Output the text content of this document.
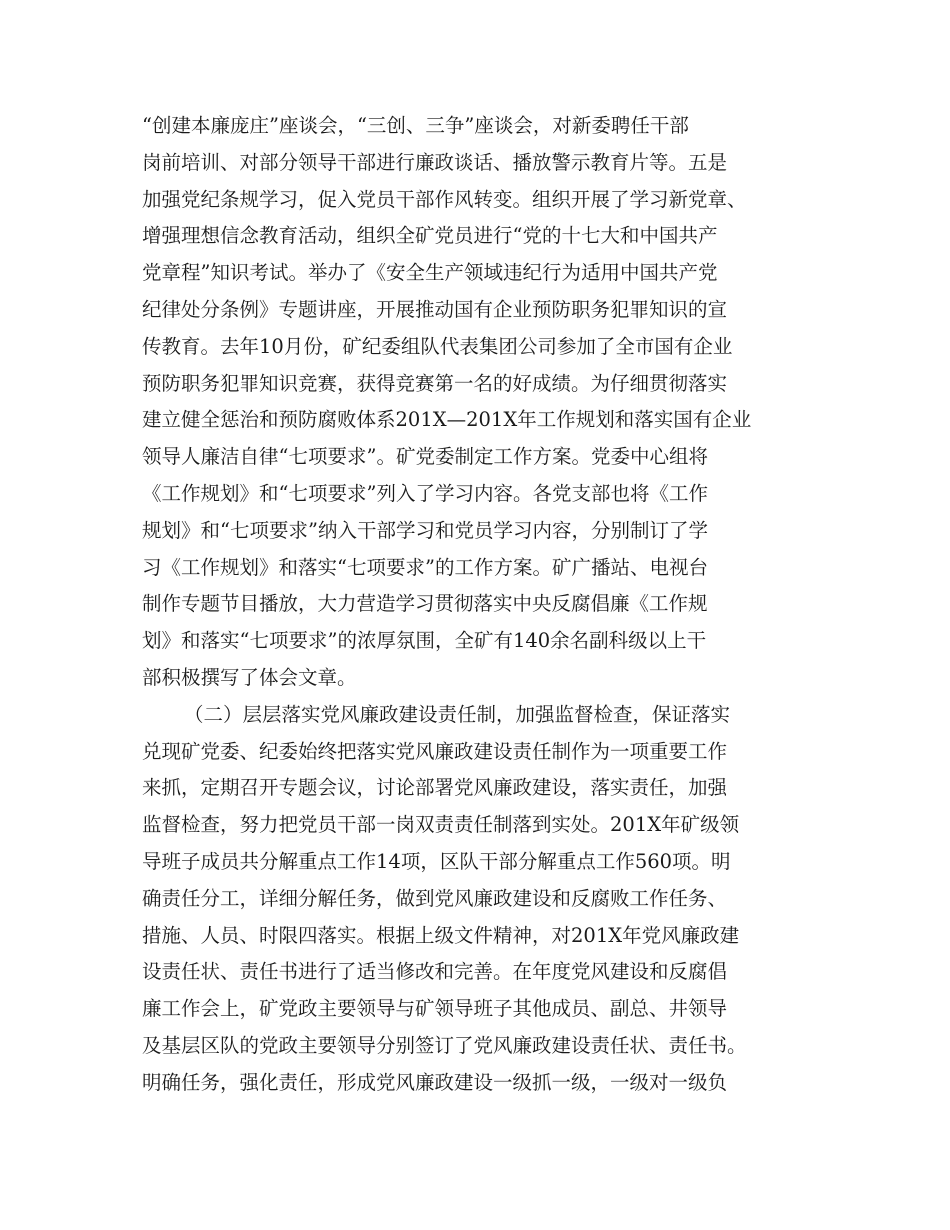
“创建本廉庞庄”座谈会，“三创、三争”座谈会，对新委聘任干部
岗前培训、对部分领导干部进行廉政谈话、播放警示教育片等。五是
加强党纪条规学习，促入党员干部作风转变。组织开展了学习新党章、
增强理想信念教育活动，组织全矿党员进行“党的十七大和中国共产
党章程”知识考试。举办了《安全生产领域违纪行为适用中国共产党
纪律处分条例》专题讲座，开展推动国有企业预防职务犯罪知识的宣
传教育。去年10月份，矿纪委组队代表集团公司参加了全市国有企业
预防职务犯罪知识竞赛，获得竞赛第一名的好成绩。为仔细贯彻落实
建立健全惩治和预防腐败体系201X—201X年工作规划和落实国有企业
领导人廉洁自律“七项要求”。矿党委制定工作方案。党委中心组将
《工作规划》和“七项要求”列入了学习内容。各党支部也将《工作
规划》和“七项要求”纳入干部学习和党员学习内容，分别制订了学
习《工作规划》和落实“七项要求”的工作方案。矿广播站、电视台
制作专题节目播放，大力营造学习贯彻落实中央反腐倡廉《工作规
划》和落实“七项要求”的浓厚氛围，全矿有140余名副科级以上干
部积极撰写了体会文章。
（二）层层落实党风廉政建设责任制，加强监督检查，保证落实
兑现矿党委、纪委始终把落实党风廉政建设责任制作为一项重要工作
来抓，定期召开专题会议，讨论部署党风廉政建设，落实责任，加强
监督检查，努力把党员干部一岗双责责任制落到实处。201X年矿级领
导班子成员共分解重点工作14项，区队干部分解重点工作560项。明
确责任分工，详细分解任务，做到党风廉政建设和反腐败工作任务、
措施、人员、时限四落实。根据上级文件精神，对201X年党风廉政建
设责任状、责任书进行了适当修改和完善。在年度党风建设和反腐倡
廉工作会上，矿党政主要领导与矿领导班子其他成员、副总、井领导
及基层区队的党政主要领导分别签订了党风廉政建设责任状、责任书。
明确任务，强化责任，形成党风廉政建设一级抓一级，一级对一级负
